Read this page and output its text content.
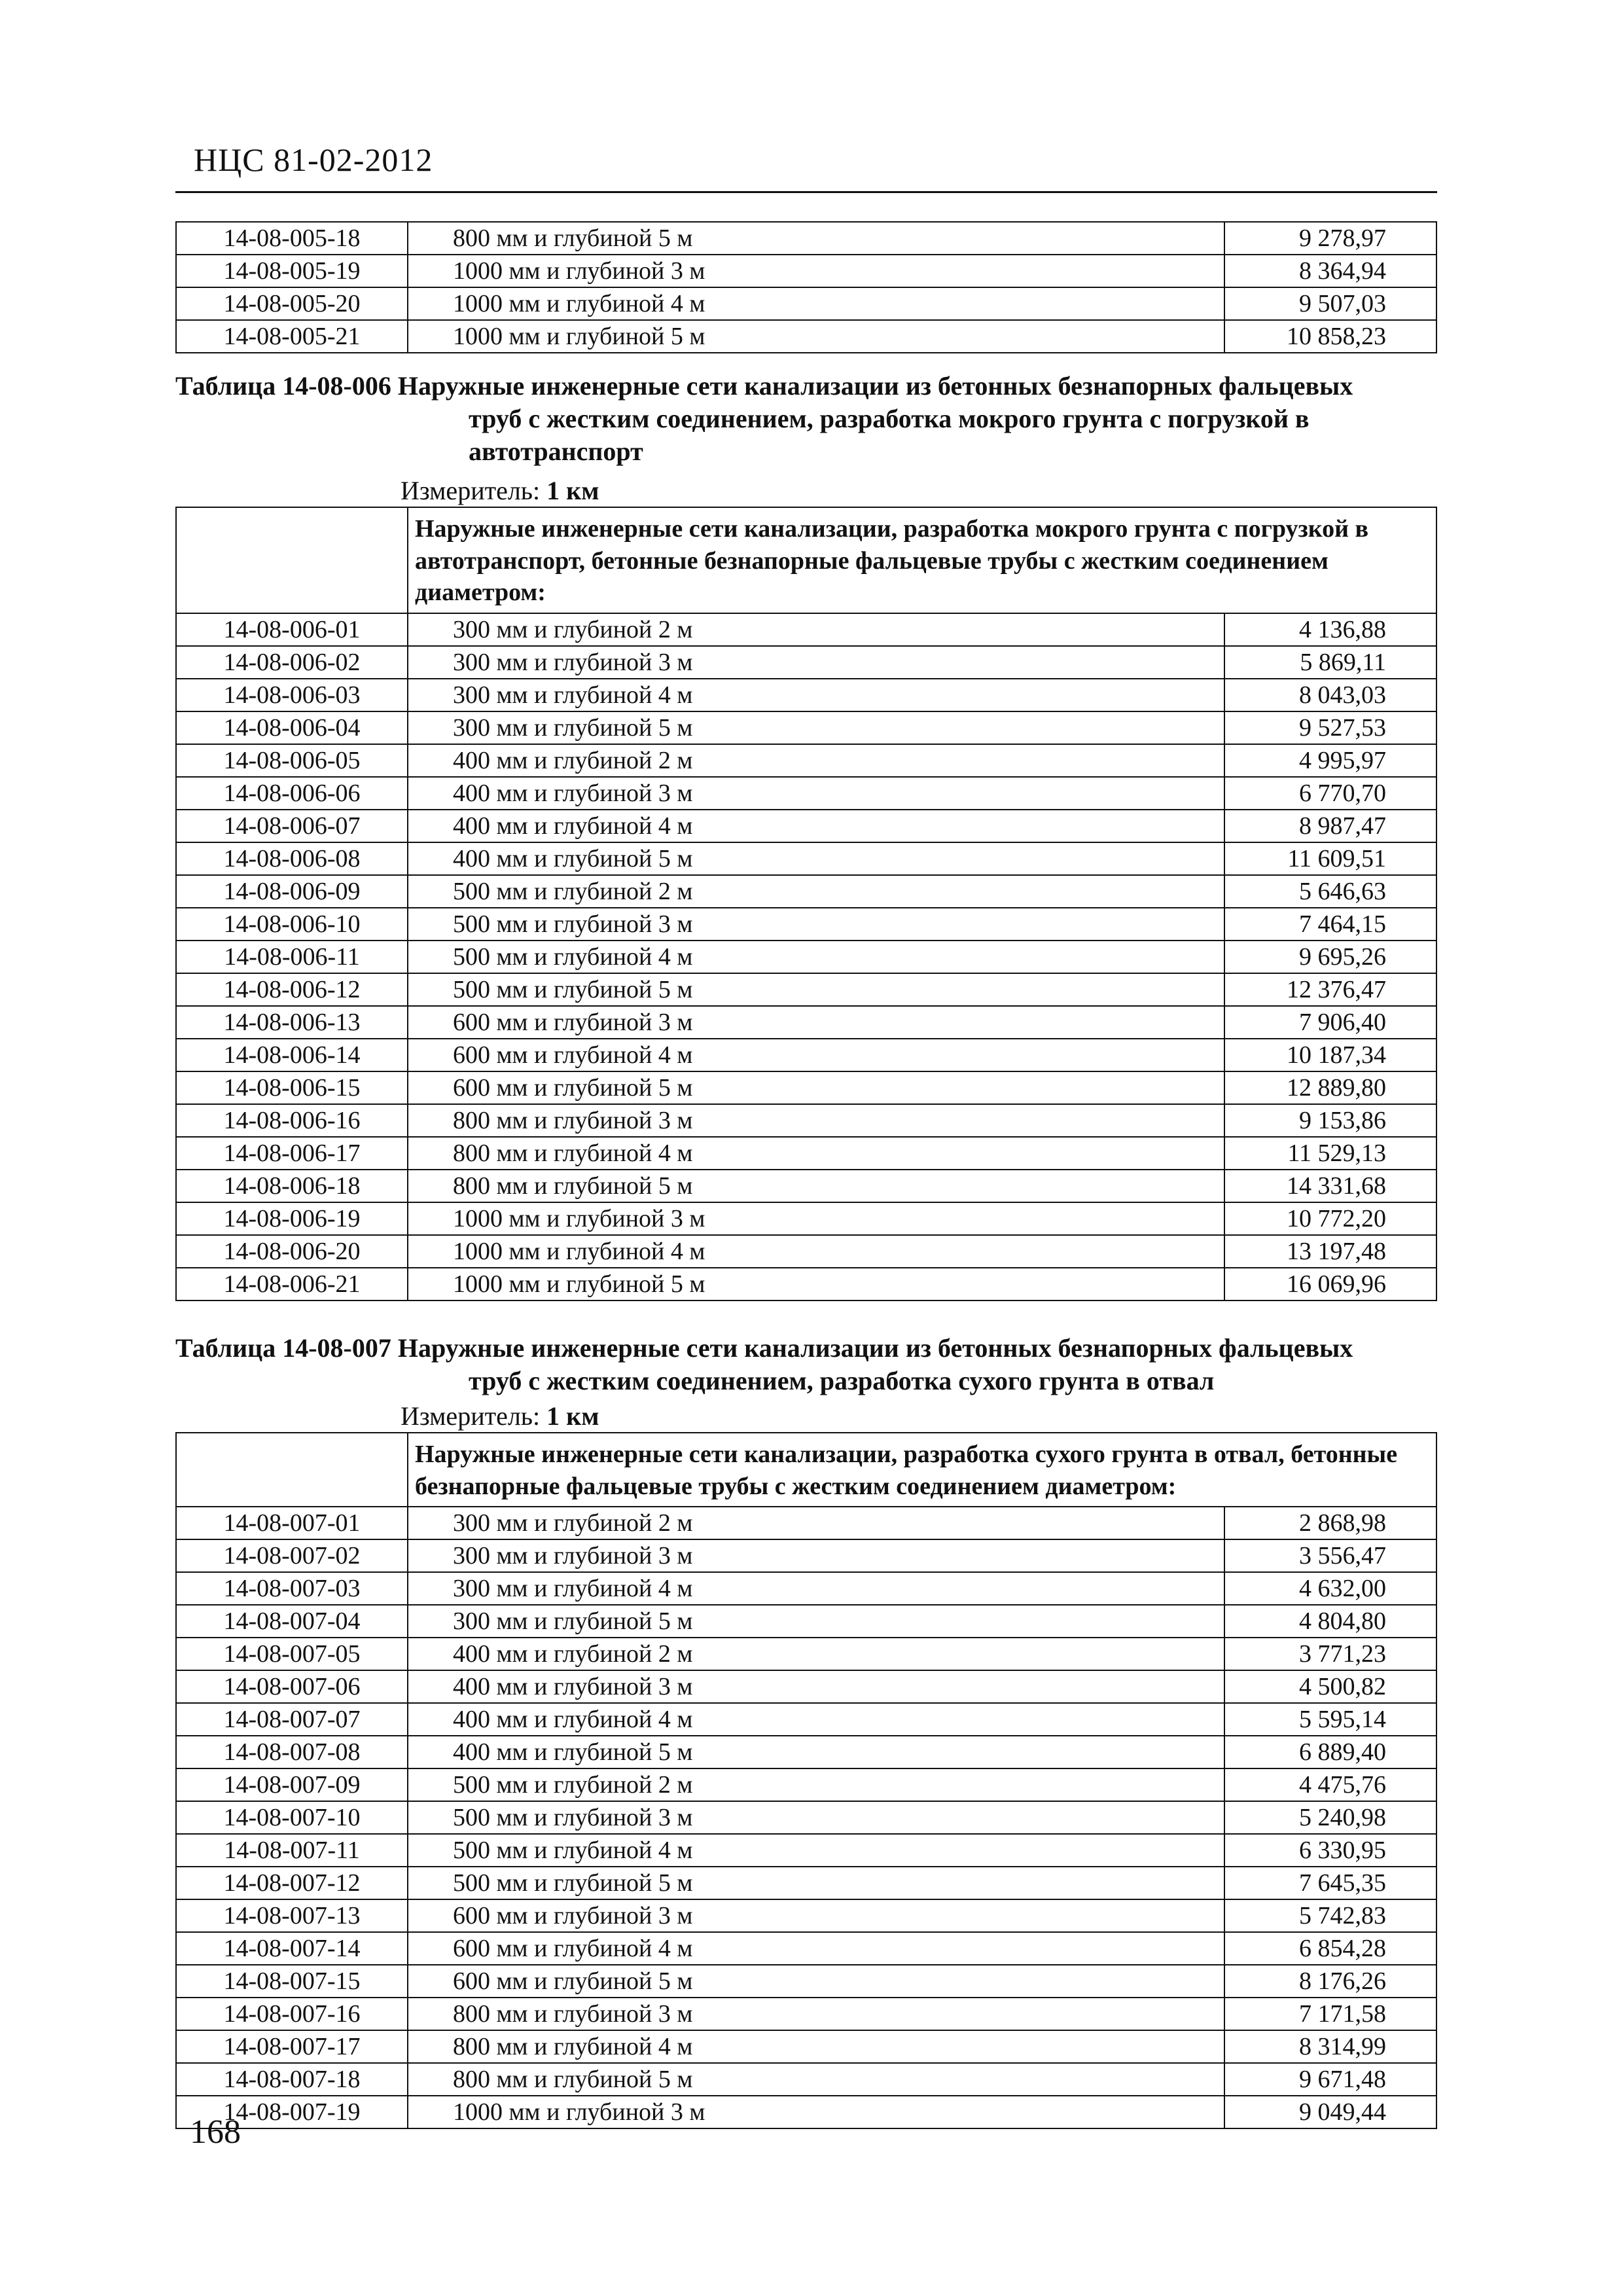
НЦС 81-02-2012
14-08-005-18	800 мм и глубиной 5 м	9 278,97
14-08-005-19	1000 мм и глубиной 3 м	8 364,94
14-08-005-20	1000 мм и глубиной 4 м	9 507,03
14-08-005-21	1000 мм и глубиной 5 м	10 858,23
Таблица 14-08-006 Наружные инженерные сети канализации из бетонных безнапорных фальцевых
труб с жестким соединением, разработка мокрого грунта с погрузкой в
автотранспорт
Измеритель: 1 км
	Наружные инженерные сети канализации, разработка мокрого грунта с погрузкой в автотранспорт, бетонные безнапорные фальцевые трубы с жестким соединением диаметром:	
14-08-006-01	300 мм и глубиной 2 м	4 136,88
14-08-006-02	300 мм и глубиной 3 м	5 869,11
14-08-006-03	300 мм и глубиной 4 м	8 043,03
14-08-006-04	300 мм и глубиной 5 м	9 527,53
14-08-006-05	400 мм и глубиной 2 м	4 995,97
14-08-006-06	400 мм и глубиной 3 м	6 770,70
14-08-006-07	400 мм и глубиной 4 м	8 987,47
14-08-006-08	400 мм и глубиной 5 м	11 609,51
14-08-006-09	500 мм и глубиной 2 м	5 646,63
14-08-006-10	500 мм и глубиной 3 м	7 464,15
14-08-006-11	500 мм и глубиной 4 м	9 695,26
14-08-006-12	500 мм и глубиной 5 м	12 376,47
14-08-006-13	600 мм и глубиной 3 м	7 906,40
14-08-006-14	600 мм и глубиной 4 м	10 187,34
14-08-006-15	600 мм и глубиной 5 м	12 889,80
14-08-006-16	800 мм и глубиной 3 м	9 153,86
14-08-006-17	800 мм и глубиной 4 м	11 529,13
14-08-006-18	800 мм и глубиной 5 м	14 331,68
14-08-006-19	1000 мм и глубиной 3 м	10 772,20
14-08-006-20	1000 мм и глубиной 4 м	13 197,48
14-08-006-21	1000 мм и глубиной 5 м	16 069,96
Таблица 14-08-007 Наружные инженерные сети канализации из бетонных безнапорных фальцевых
труб с жестким соединением, разработка сухого грунта в отвал
Измеритель: 1 км
	Наружные инженерные сети канализации, разработка сухого грунта в отвал, бетонные безнапорные фальцевые трубы с жестким соединением диаметром:	
14-08-007-01	300 мм и глубиной 2 м	2 868,98
14-08-007-02	300 мм и глубиной 3 м	3 556,47
14-08-007-03	300 мм и глубиной 4 м	4 632,00
14-08-007-04	300 мм и глубиной 5 м	4 804,80
14-08-007-05	400 мм и глубиной 2 м	3 771,23
14-08-007-06	400 мм и глубиной 3 м	4 500,82
14-08-007-07	400 мм и глубиной 4 м	5 595,14
14-08-007-08	400 мм и глубиной 5 м	6 889,40
14-08-007-09	500 мм и глубиной 2 м	4 475,76
14-08-007-10	500 мм и глубиной 3 м	5 240,98
14-08-007-11	500 мм и глубиной 4 м	6 330,95
14-08-007-12	500 мм и глубиной 5 м	7 645,35
14-08-007-13	600 мм и глубиной 3 м	5 742,83
14-08-007-14	600 мм и глубиной 4 м	6 854,28
14-08-007-15	600 мм и глубиной 5 м	8 176,26
14-08-007-16	800 мм и глубиной 3 м	7 171,58
14-08-007-17	800 мм и глубиной 4 м	8 314,99
14-08-007-18	800 мм и глубиной 5 м	9 671,48
14-08-007-19	1000 мм и глубиной 3 м	9 049,44
168
